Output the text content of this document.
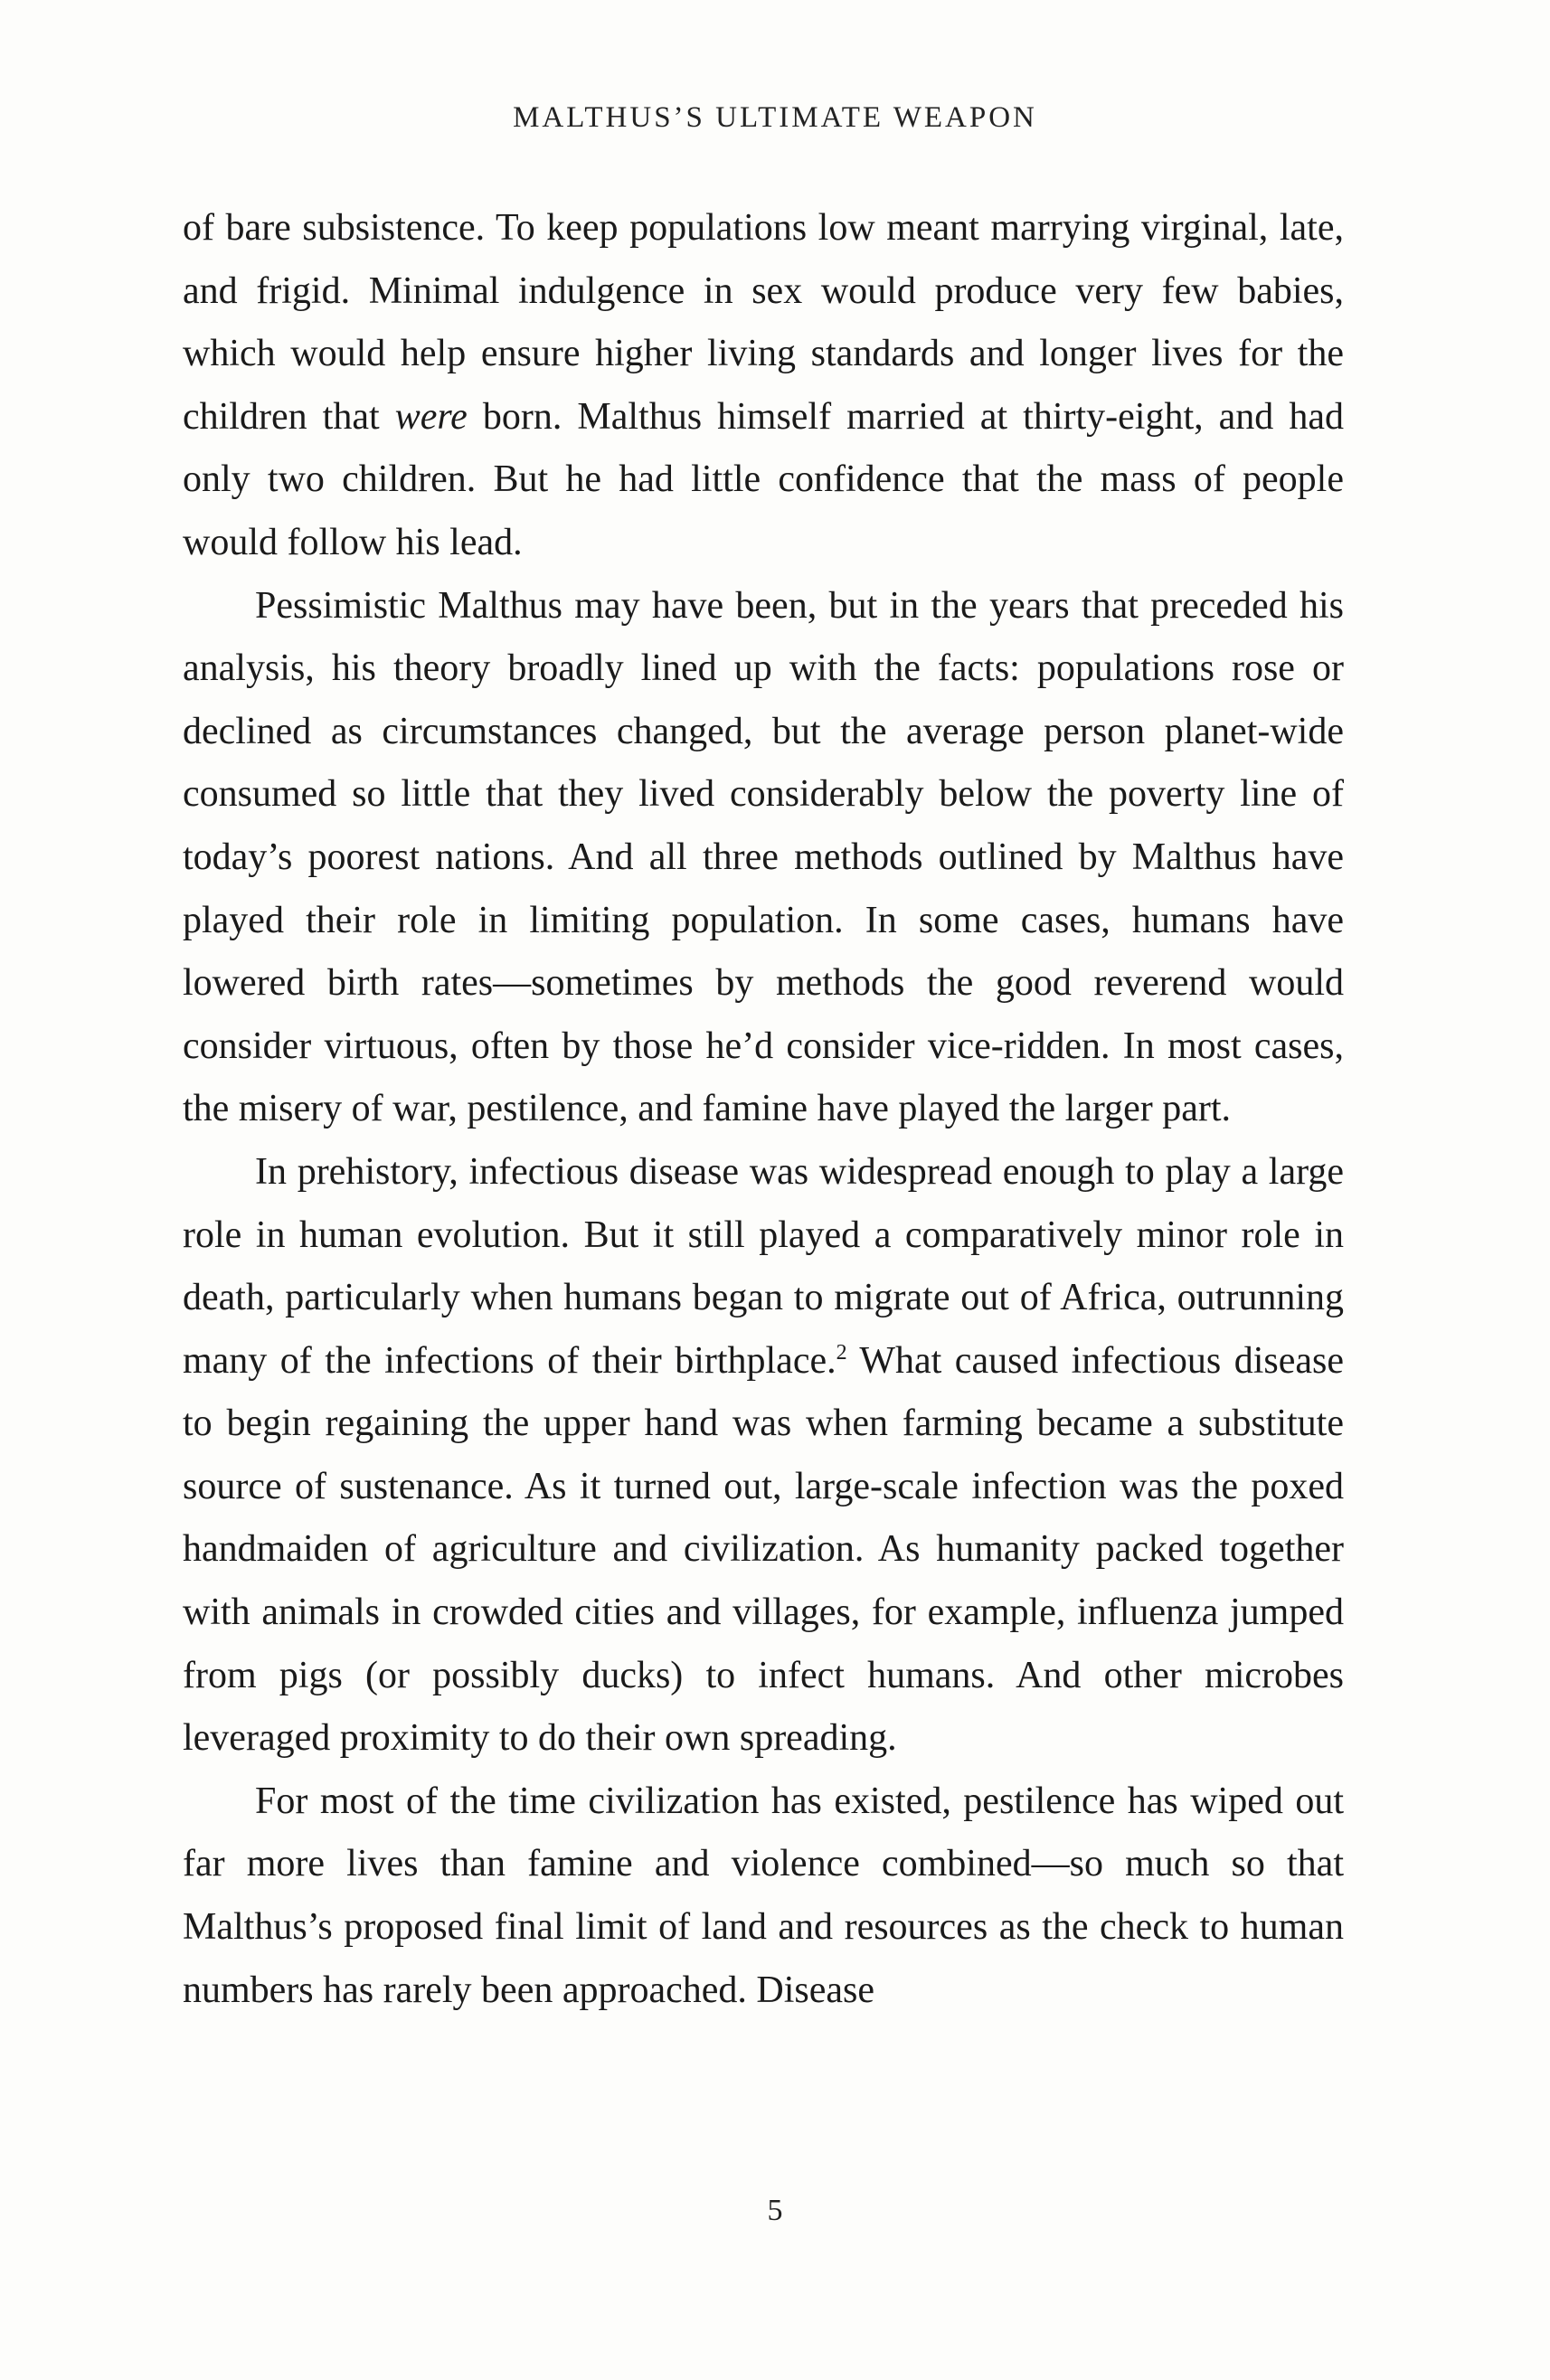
MALTHUS’S ULTIMATE WEAPON

of bare subsistence. To keep populations low meant marrying virginal, late, and frigid. Minimal indulgence in sex would produce very few babies, which would help ensure higher living standards and longer lives for the children that were born. Malthus himself married at thirty-eight, and had only two children. But he had little confidence that the mass of people would follow his lead.

Pessimistic Malthus may have been, but in the years that preceded his analysis, his theory broadly lined up with the facts: populations rose or declined as circumstances changed, but the average person planet-wide consumed so little that they lived considerably below the poverty line of today’s poorest nations. And all three methods outlined by Malthus have played their role in limiting population. In some cases, humans have lowered birth rates—sometimes by methods the good reverend would consider virtuous, often by those he’d consider vice-ridden. In most cases, the misery of war, pestilence, and famine have played the larger part.

In prehistory, infectious disease was widespread enough to play a large role in human evolution. But it still played a comparatively minor role in death, particularly when humans began to migrate out of Africa, outrunning many of the infections of their birthplace.$^2$ What caused infectious disease to begin regaining the upper hand was when farming became a substitute source of sustenance. As it turned out, large-scale infection was the poxed handmaiden of agriculture and civilization. As humanity packed together with animals in crowded cities and villages, for example, influenza jumped from pigs (or possibly ducks) to infect humans. And other microbes leveraged proximity to do their own spreading.

For most of the time civilization has existed, pestilence has wiped out far more lives than famine and violence combined—so much so that Malthus’s proposed final limit of land and resources as the check to human numbers has rarely been approached. Disease

5
